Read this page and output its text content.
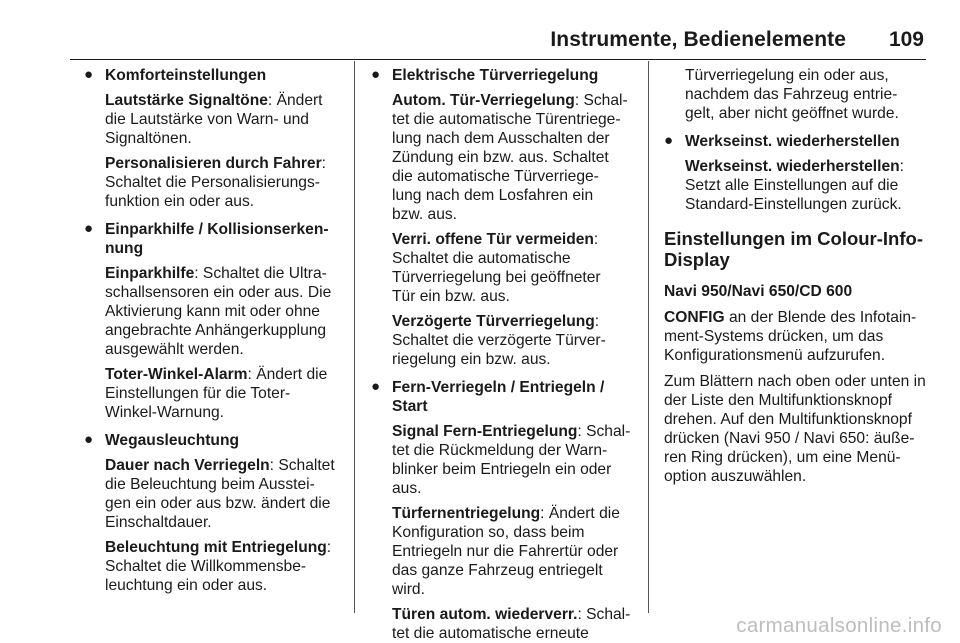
Instrumente, Bedienelemente 109
● Komforteinstellungen
Lautstärke Signaltöne: Ändert
die Lautstärke von Warn- und
Signaltönen.
Personalisieren durch Fahrer:
Schaltet die Personalisierungs-
funktion ein oder aus.
● Einparkhilfe / Kollisionserken-
nung
Einparkhilfe: Schaltet die Ultra-
schallsensoren ein oder aus. Die
Aktivierung kann mit oder ohne
angebrachte Anhängerkupplung
ausgewählt werden.
Toter-Winkel-Alarm: Ändert die
Einstellungen für die Toter-
Winkel-Warnung.
● Wegausleuchtung
Dauer nach Verriegeln: Schaltet
die Beleuchtung beim Ausstei-
gen ein oder aus bzw. ändert die
Einschaltdauer.
Beleuchtung mit Entriegelung:
Schaltet die Willkommensbe-
leuchtung ein oder aus.
● Elektrische Türverriegelung
Autom. Tür-Verriegelung: Schal-
tet die automatische Türentriege-
lung nach dem Ausschalten der
Zündung ein bzw. aus. Schaltet
die automatische Türverriege-
lung nach dem Losfahren ein
bzw. aus.
Verri. offene Tür vermeiden:
Schaltet die automatische
Türverriegelung bei geöffneter
Tür ein bzw. aus.
Verzögerte Türverriegelung:
Schaltet die verzögerte Türver-
riegelung ein bzw. aus.
● Fern-Verriegeln / Entriegeln /
Start
Signal Fern-Entriegelung: Schal-
tet die Rückmeldung der Warn-
blinker beim Entriegeln ein oder
aus.
Türfernentriegelung: Ändert die
Konfiguration so, dass beim
Entriegeln nur die Fahrertür oder
das ganze Fahrzeug entriegelt
wird.
Türen autom. wiederverr.: Schal-
tet die automatische erneute
Türverriegelung ein oder aus,
nachdem das Fahrzeug entrie-
gelt, aber nicht geöffnet wurde.
● Werkseinst. wiederherstellen
Werkseinst. wiederherstellen:
Setzt alle Einstellungen auf die
Standard-Einstellungen zurück.
Einstellungen im Colour-Info-
Display
Navi 950/Navi 650/CD 600
CONFIG an der Blende des Infotain-
ment-Systems drücken, um das
Konfigurationsmenü aufzurufen.
Zum Blättern nach oben oder unten in
der Liste den Multifunktionsknopf
drehen. Auf den Multifunktionsknopf
drücken (Navi 950 / Navi 650: äuße-
ren Ring drücken), um eine Menü-
option auszuwählen.
carmanualsonline.info
